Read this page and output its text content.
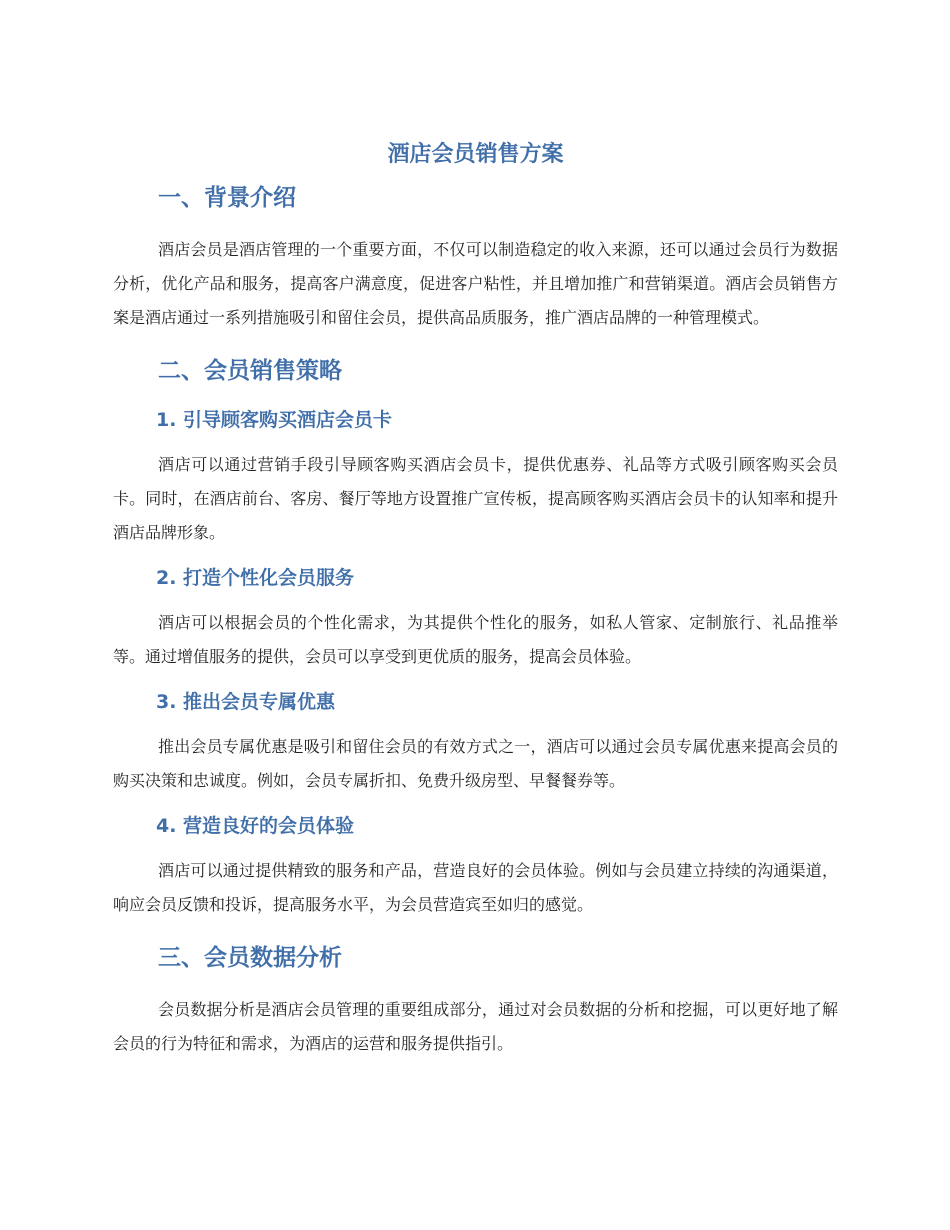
酒店会员销售方案
一、背景介绍

酒店会员是酒店管理的一个重要方面，不仅可以制造稳定的收入来源，还可以通过会员行为数据分析，优化产品和服务，提高客户满意度，促进客户粘性，并且增加推广和营销渠道。酒店会员销售方案是酒店通过一系列措施吸引和留住会员，提供高品质服务，推广酒店品牌的一种管理模式。

二、会员销售策略
1. 引导顾客购买酒店会员卡

酒店可以通过营销手段引导顾客购买酒店会员卡，提供优惠券、礼品等方式吸引顾客购买会员卡。同时，在酒店前台、客房、餐厅等地方设置推广宣传板，提高顾客购买酒店会员卡的认知率和提升酒店品牌形象。

2. 打造个性化会员服务

酒店可以根据会员的个性化需求，为其提供个性化的服务，如私人管家、定制旅行、礼品推举等。通过增值服务的提供，会员可以享受到更优质的服务，提高会员体验。

3. 推出会员专属优惠

推出会员专属优惠是吸引和留住会员的有效方式之一，酒店可以通过会员专属优惠来提高会员的购买决策和忠诚度。例如，会员专属折扣、免费升级房型、早餐餐券等。

4. 营造良好的会员体验

酒店可以通过提供精致的服务和产品，营造良好的会员体验。例如与会员建立持续的沟通渠道，响应会员反馈和投诉，提高服务水平，为会员营造宾至如归的感觉。

三、会员数据分析

会员数据分析是酒店会员管理的重要组成部分，通过对会员数据的分析和挖掘，可以更好地了解会员的行为特征和需求，为酒店的运营和服务提供指引。
